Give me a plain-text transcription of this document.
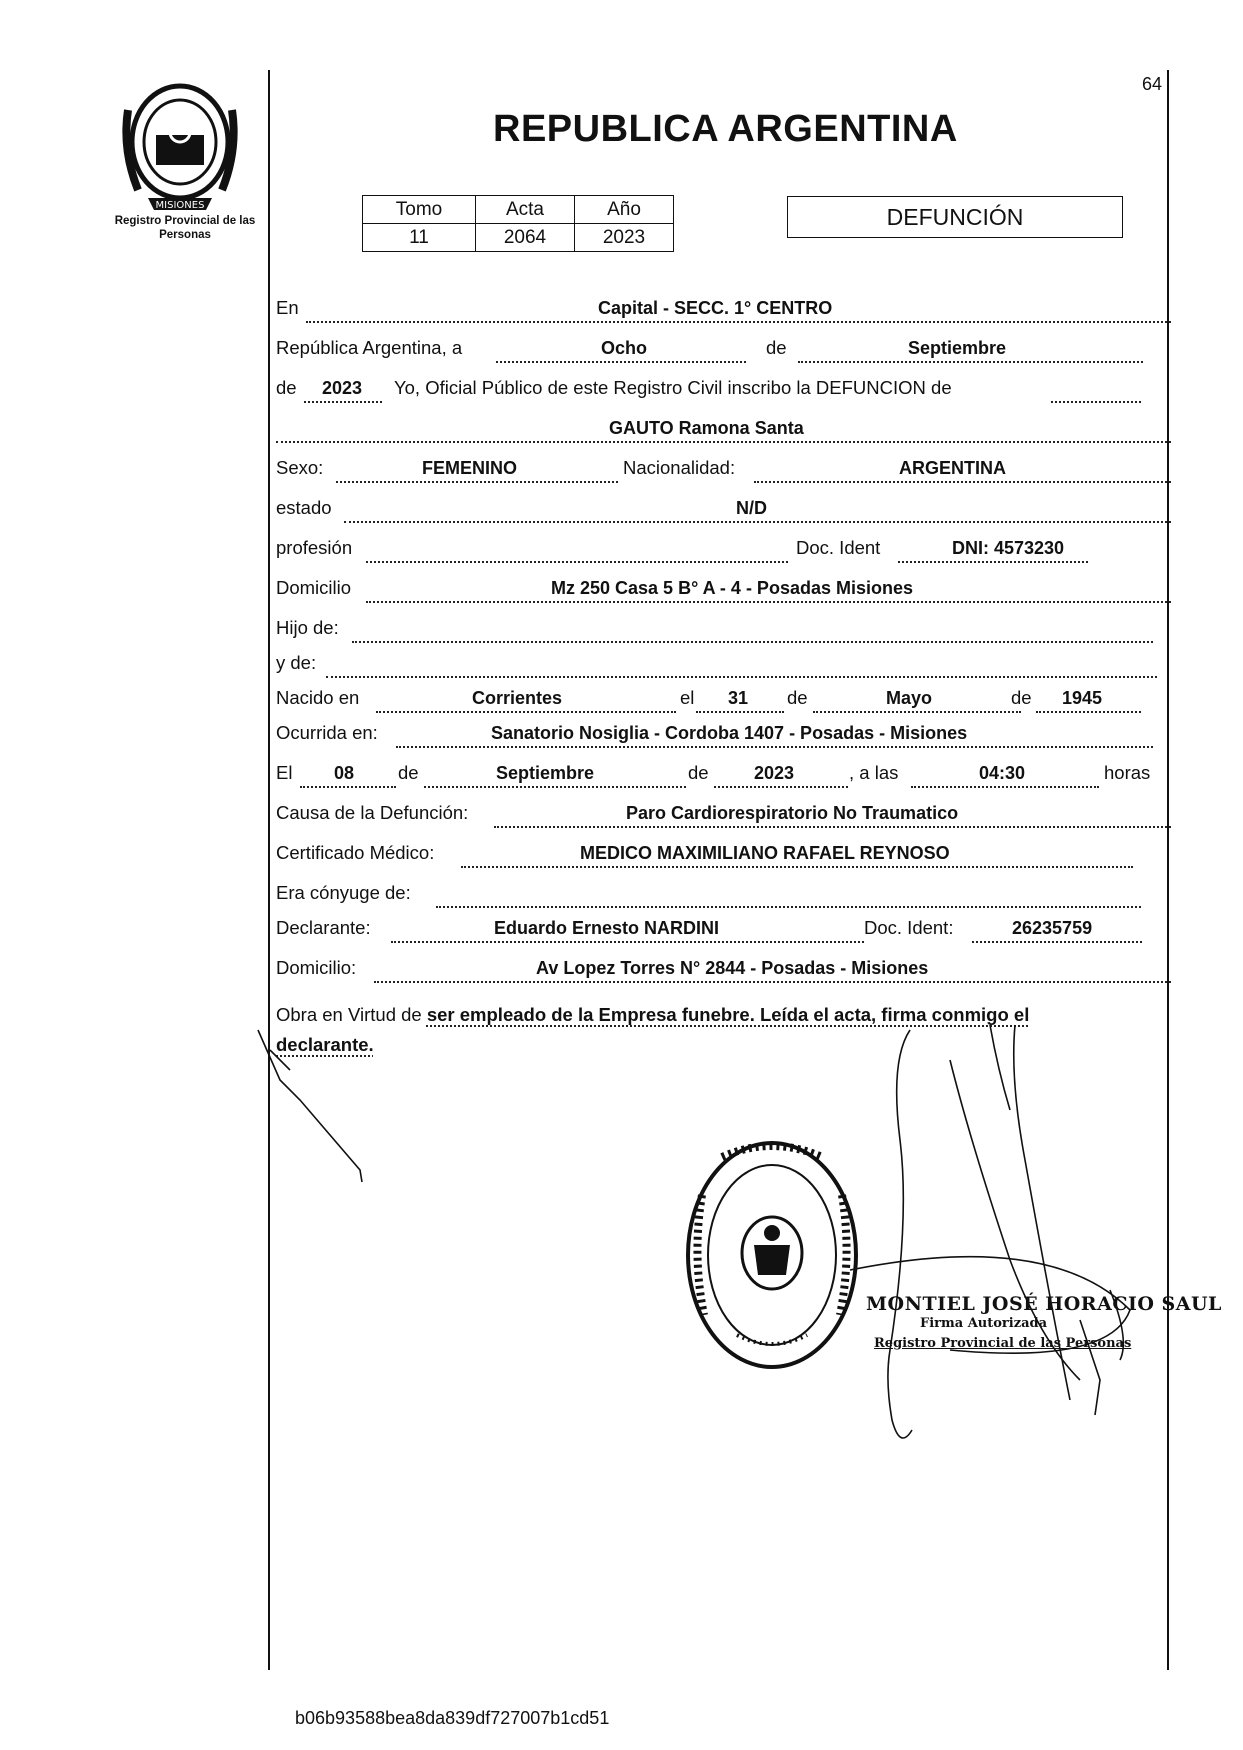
MISIONES
Registro Provincial de las Personas
64
REPUBLICA ARGENTINA
Tomo	Acta	Año
11	2064	2023
DEFUNCIÓN
En	Capital - SECC. 1° CENTRO
República Argentina, a	Ocho	de	Septiembre
de 2023 Yo, Oficial Público de este Registro Civil inscribo la DEFUNCION de
GAUTO Ramona Santa
Sexo:	FEMENINO	Nacionalidad:	ARGENTINA
estado	N/D
profesión	Doc. Ident	DNI: 4573230
Domicilio	Mz 250 Casa 5 B° A - 4 - Posadas Misiones
Hijo de:
y de:
Nacido en	Corrientes	el 31 de	Mayo	de 1945
Ocurrida en:	Sanatorio Nosiglia - Cordoba 1407 - Posadas - Misiones
El 08 de	Septiembre	de	2023	, a las	04:30	horas
Causa de la Defunción:	Paro Cardiorespiratorio No Traumatico
Certificado Médico:	MEDICO MAXIMILIANO RAFAEL REYNOSO
Era cónyuge de:
Declarante:	Eduardo Ernesto NARDINI	Doc. Ident:	26235759
Domicilio:	Av Lopez Torres N° 2844 - Posadas - Misiones
Obra en Virtud de ser empleado de la Empresa funebre. Leída el acta, firma conmigo el
declarante.
MONTIEL JOSÉ HORACIO SAUL
Firma Autorizada
Registro Provincial de las Personas
b06b93588bea8da839df727007b1cd51
